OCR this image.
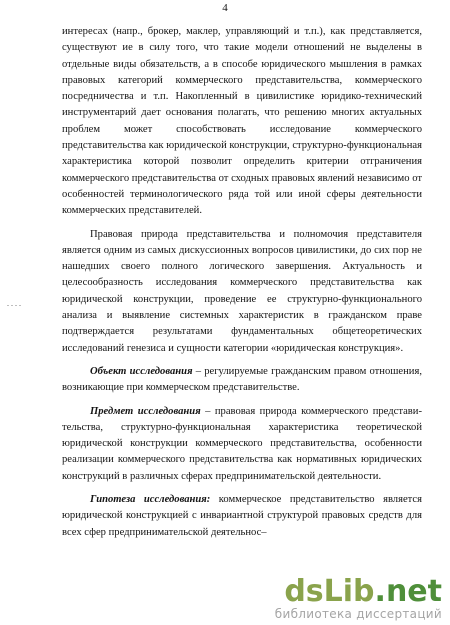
4
. . . .

интересах (напр., брокер, маклер, управляющий и т.п.), как представляется, существуют ие в силу того, что такие модели отношений не выделены в отдельные виды обязательств, а в способе юридического мышления в рамках правовых категорий коммерческого представительства, коммерческого посредничества и т.п. Накопленный в цивилистике юридико-технический инструментарий дает основания полагать, что решению многих актуальных проблем может способствовать исследование коммерческого представительства как юридической конструкции, структурно-функциональная характеристика которой позволит определить критерии отграничения коммерческого представительства от сходных правовых явлений независимо от особенностей терминологического ряда той или иной сферы деятельности коммерческих представителей.

Правовая природа представительства и полномочия представителя является одним из самых дискуссионных вопросов цивилистики, до сих пор не нашедших своего полного логического завершения. Актуальность и целесообразность исследования коммерческого представительства как юридической конструкции, проведение ее структурно-функционального анализа и выявление системных характеристик в гражданском праве подтверждается результатами фундаментальных общетеоретических исследований генезиса и сущности категории «юридическая конструкция».

Объект исследования – регулируемые гражданским правом отношения, возникающие при коммерческом представительстве.

Предмет исследования – правовая природа коммерческого представи-тельства, структурно-функциональная характеристика теоретической юридической конструкции коммерческого представительства, особенности реализации коммерческого представительства как нормативных юридических конструкций в различных сферах предпринимательской деятельности.

Гипотеза исследования: коммерческое представительство является юридической конструкцией с инвариантной структурой правовых средств для всех сфер предпринимательской деятельнос–

dsLib.net
библиотека диссертаций
